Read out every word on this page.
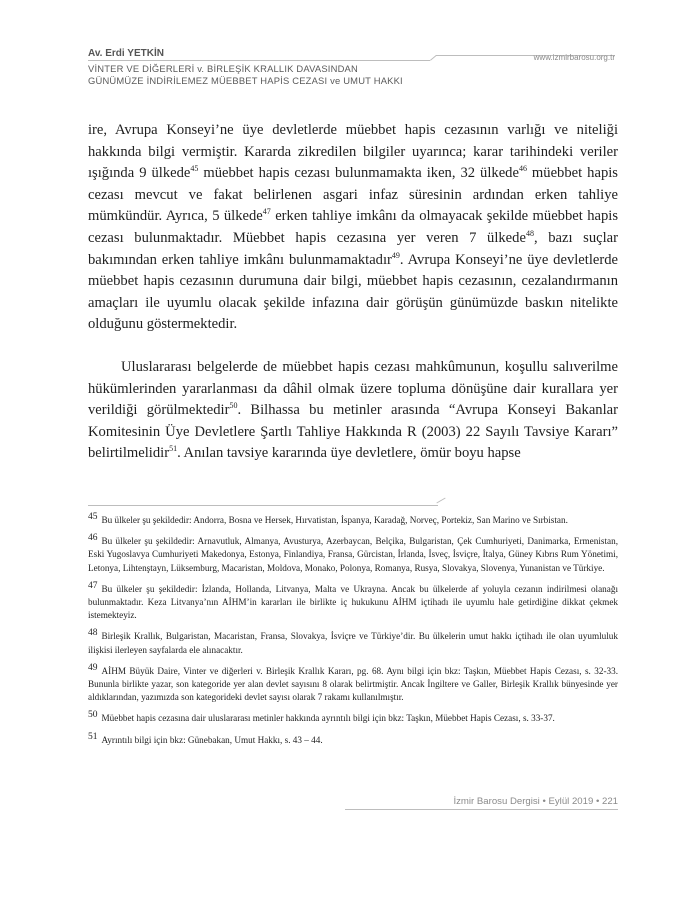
Av. Erdi YETKİN	www.izmirbarosu.org.tr
VİNTER VE DİĞERLERİ v. BİRLEŞİK KRALLIK DAVASINDAN
GÜNÜMÜZE İNDİRİLEMEZ MÜEBBET HAPİS CEZASI ve UMUT HAKKI

ire, Avrupa Konseyi’ne üye devletlerde müebbet hapis cezasının varlığı ve niteliği hakkında bilgi vermiştir. Kararda zikredilen bilgiler uyarınca; karar tarihindeki veriler ışığında 9 ülkede$^{45}$ müebbet hapis cezası bulunmamakta iken, 32 ülkede$^{46}$ müebbet hapis cezası mevcut ve fakat belirlenen asgari infaz süresinin ardından erken tahliye mümkündür. Ayrıca, 5 ülkede$^{47}$ erken tahliye imkânı da olmayacak şekilde müebbet hapis cezası bulunmaktadır. Müebbet hapis cezasına yer veren 7 ülkede$^{48}$, bazı suçlar bakımından erken tahliye imkânı bulunmamaktadır$^{49}$. Avrupa Konseyi’ne üye devletlerde müebbet hapis cezasının durumuna dair bilgi, müebbet hapis cezasının, cezalandırmanın amaçları ile uyumlu olacak şekilde infazına dair görüşün günümüzde baskın nitelikte olduğunu göstermektedir.

Uluslararası belgelerde de müebbet hapis cezası mahkûmunun, koşullu salıverilme hükümlerinden yararlanması da dâhil olmak üzere topluma dönüşüne dair kurallara yer verildiği görülmektedir$^{50}$. Bilhassa bu metinler arasında “Avrupa Konseyi Bakanlar Komitesinin Üye Devletlere Şartlı Tahliye Hakkında R (2003) 22 Sayılı Tavsiye Kararı” belirtilmelidir$^{51}$. Anılan tavsiye kararında üye devletlere, ömür boyu hapse

45 Bu ülkeler şu şekildedir: Andorra, Bosna ve Hersek, Hırvatistan, İspanya, Karadağ, Norveç, Portekiz, San Marino ve Sırbistan.
46 Bu ülkeler şu şekildedir: Arnavutluk, Almanya, Avusturya, Azerbaycan, Belçika, Bulgaristan, Çek Cumhuriyeti, Danimarka, Ermenistan, Eski Yugoslavya Cumhuriyeti Makedonya, Estonya, Finlandiya, Fransa, Gürcistan, İrlanda, İsveç, İsviçre, İtalya, Güney Kıbrıs Rum Yönetimi, Letonya, Lihtenştayn, Lüksemburg, Macaristan, Moldova, Monako, Polonya, Romanya, Rusya, Slovakya, Slovenya, Yunanistan ve Türkiye.
47 Bu ülkeler şu şekildedir: İzlanda, Hollanda, Litvanya, Malta ve Ukrayna. Ancak bu ülkelerde af yoluyla cezanın indirilmesi olanağı bulunmaktadır. Keza Litvanya’nın AİHM’in kararları ile birlikte iç hukukunu AİHM içtihadı ile uyumlu hale getirdiğine dikkat çekmek istemekteyiz.
48 Birleşik Krallık, Bulgaristan, Macaristan, Fransa, Slovakya, İsviçre ve Türkiye’dir. Bu ülkelerin umut hakkı içtihadı ile olan uyumluluk ilişkisi ilerleyen sayfalarda ele alınacaktır.
49 AİHM Büyük Daire, Vinter ve diğerleri v. Birleşik Krallık Kararı, pg. 68. Aynı bilgi için bkz: Taşkın, Müebbet Hapis Cezası, s. 32-33. Bununla birlikte yazar, son kategoride yer alan devlet sayısını 8 olarak belirtmiştir. Ancak İngiltere ve Galler, Birleşik Krallık bünyesinde yer aldıklarından, yazımızda son kategorideki devlet sayısı olarak 7 rakamı kullanılmıştır.
50 Müebbet hapis cezasına dair uluslararası metinler hakkında ayrıntılı bilgi için bkz: Taşkın, Müebbet Hapis Cezası, s. 33-37.
51 Ayrıntılı bilgi için bkz: Günebakan, Umut Hakkı, s. 43 – 44.
İzmir Barosu Dergisi • Eylül 2019 • 221
